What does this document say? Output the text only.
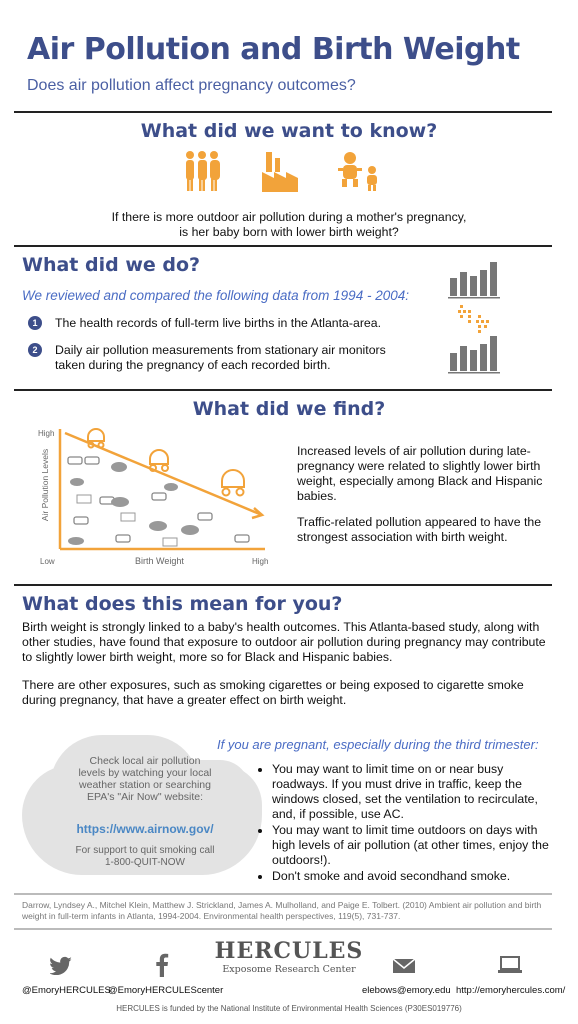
Air Pollution and Birth Weight
Does air pollution affect pregnancy outcomes?
What did we want to know?
If there is more outdoor air pollution during a mother's pregnancy, is her baby born with lower birth weight?
What did we do?
We reviewed and compared the following data from 1994 - 2004:
1	The health records of full-term live births in the Atlanta-area.
2	Daily air pollution measurements from stationary air monitors taken during the pregnancy of each recorded birth.
What did we find?
Air Pollution Levels
High
Low	Birth Weight	High
Increased levels of air pollution during late-pregnancy were related to slightly lower birth weight, especially among Black and Hispanic babies.
Traffic-related pollution appeared to have the strongest association with birth weight.
What does this mean for you?
Birth weight is strongly linked to a baby's health outcomes. This Atlanta-based study, along with other studies, have found that exposure to outdoor air pollution during pregnancy may contribute to slightly lower birth weight, more so for Black and Hispanic babies.
There are other exposures, such as smoking cigarettes or being exposed to cigarette smoke during pregnancy, that have a greater effect on birth weight.
Check local air pollution levels by watching your local weather station or searching EPA's "Air Now" website:
https://www.airnow.gov/
For support to quit smoking call 1-800-QUIT-NOW
If you are pregnant, especially during the third trimester:
• You may want to limit time on or near busy roadways. If you must drive in traffic, keep the windows closed, set the ventilation to recirculate, and, if possible, use AC.
• You may want to limit time outdoors on days with high levels of air pollution (at other times, enjoy the outdoors!).
• Don't smoke and avoid secondhand smoke.
Darrow, Lyndsey A., Mitchel Klein, Matthew J. Strickland, James A. Mulholland, and Paige E. Tolbert. (2010) Ambient air pollution and birth weight in full-term infants in Atlanta, 1994-2004. Environmental health perspectives, 119(5), 731-737.
HERCULES
Exposome Research Center
@EmoryHERCULES
@EmoryHERCULEScenter	elebows@emory.edu http://emoryhercules.com/
HERCULES is funded by the National Institute of Environmental Health Sciences (P30ES019776)
